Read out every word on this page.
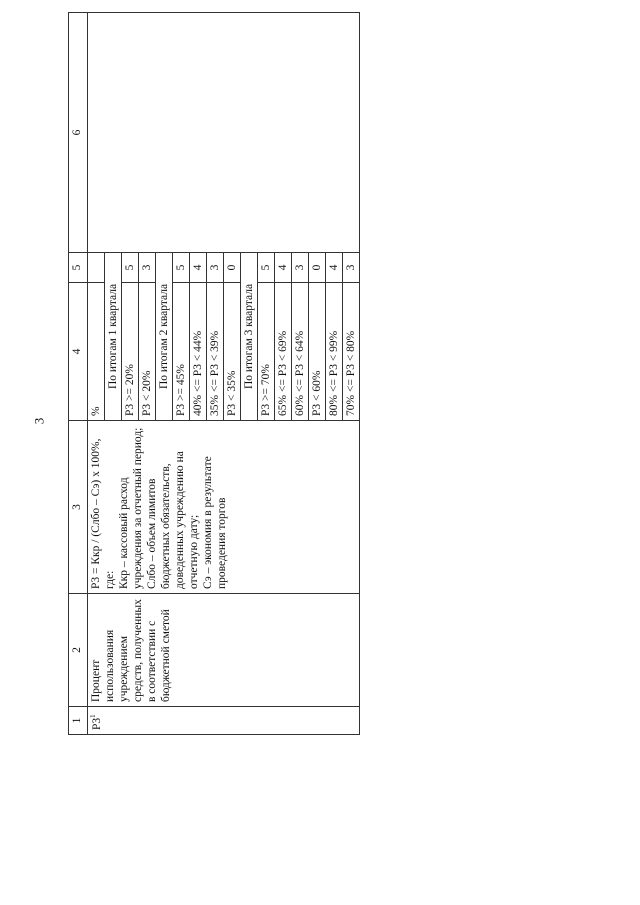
3
1	2	3	4	5	6
$Р3^1$	Процент использования учреждением средств, полученных в соответствии с бюджетной сметой	Р3 = Ккр / (Слбо – Сэ) х 100%, где: Ккр – кассовый расход учреждения за отчетный период; Слбо – объем лимитов бюджетных обязательств, доведенных учреждению на отчетную дату; Сэ – экономия в результате проведения торгов	%		
			По итогам 1 квартала		
			Р3 >= 20%	5	
			Р3 < 20%	3	
			По итогам 2 квартала		
			Р3 >= 45%	5	
			40% <= Р3 < 44%	4	
			35% <= Р3 < 39%	3	
			Р3 < 35%	0	
			По итогам 3 квартала		
			Р3 >= 70%	5	
			65% <= Р3 < 69%	4	
			60% <= Р3 < 64%	3	
			Р3 < 60%	0	
			80% <= Р3 < 99%	4	
			70% <= Р3 < 80%	3	
